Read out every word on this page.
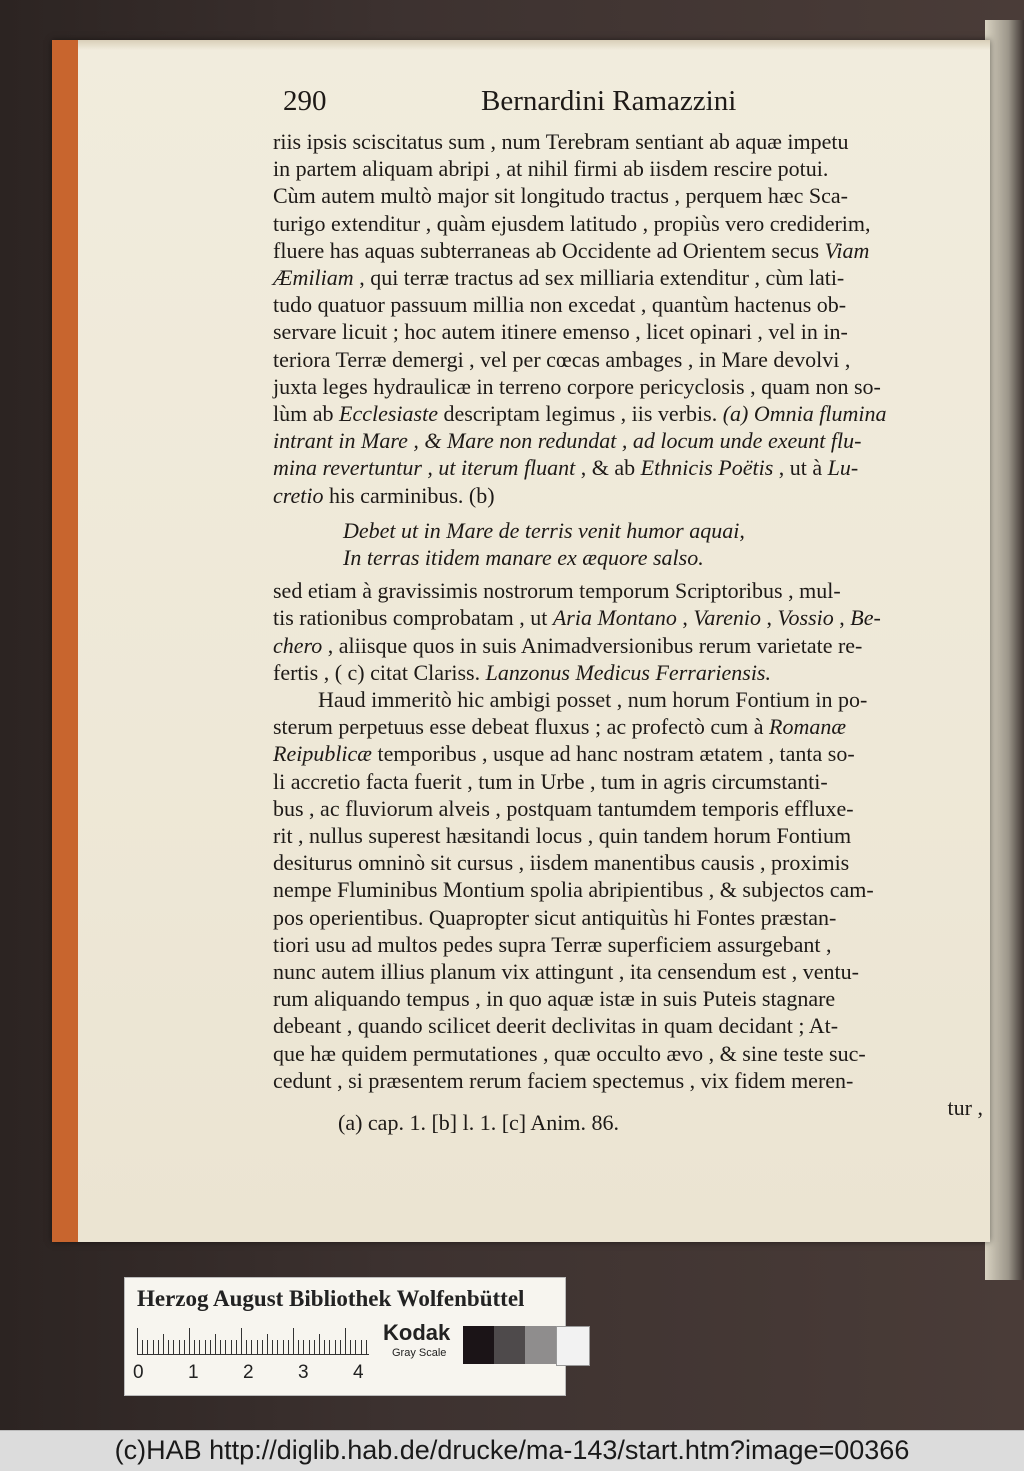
290	Bernardini Ramazzini
riis ipsis sciscitatus sum , num Terebram sentiant ab aquæ impetu
in partem aliquam abripi , at nihil firmi ab iisdem rescire potui.
Cùm autem multò major sit longitudo tractus , perquem hæc Sca-
turigo extenditur , quàm ejusdem latitudo , propiùs vero crediderim,
fluere has aquas subterraneas ab Occidente ad Orientem secus Viam
Æmiliam , qui terræ tractus ad sex milliaria extenditur , cùm lati-
tudo quatuor passuum millia non excedat , quantùm hactenus ob-
servare licuit ; hoc autem itinere emenso , licet opinari , vel in in-
teriora Terræ demergi , vel per cœcas ambages , in Mare devolvi ,
juxta leges hydraulicæ in terreno corpore pericyclosis , quam non so-
lùm ab Ecclesiaste descriptam legimus , iis verbis. (a) Omnia flumina
intrant in Mare , & Mare non redundat , ad locum unde exeunt flu-
mina revertuntur , ut iterum fluant , & ab Ethnicis Poëtis , ut à Lu-
cretio his carminibus. (b)
Debet ut in Mare de terris venit humor aquai,
In terras itidem manare ex æquore salso.
sed etiam à gravissimis nostrorum temporum Scriptoribus , mul-
tis rationibus comprobatam , ut Aria Montano , Varenio , Vossio , Be-
chero , aliisque quos in suis Animadversionibus rerum varietate re-
fertis , ( c) citat Clariss. Lanzonus Medicus Ferrariensis.
Haud immeritò hic ambigi posset , num horum Fontium in po-
sterum perpetuus esse debeat fluxus ; ac profectò cum à Romanæ
Reipublicæ temporibus , usque ad hanc nostram ætatem , tanta so-
li accretio facta fuerit , tum in Urbe , tum in agris circumstanti-
bus , ac fluviorum alveis , postquam tantumdem temporis effluxe-
rit , nullus superest hæsitandi locus , quin tandem horum Fontium
desiturus omninò sit cursus , iisdem manentibus causis , proximis
nempe Fluminibus Montium spolia abripientibus , & subjectos cam-
pos operientibus. Quapropter sicut antiquitùs hi Fontes præstan-
tiori usu ad multos pedes supra Terræ superficiem assurgebant ,
nunc autem illius planum vix attingunt , ita censendum est , ventu-
rum aliquando tempus , in quo aquæ istæ in suis Puteis stagnare
debeant , quando scilicet deerit declivitas in quam decidant ; At-
que hæ quidem permutationes , quæ occulto ævo , & sine teste suc-
cedunt , si præsentem rerum faciem spectemus , vix fidem meren-
tur ,
(a) cap. 1. [b] l. 1. [c] Anim. 86.
Herzog August Bibliothek Wolfenbüttel
0 1 2 3 4
Kodak
Gray Scale
(c)HAB http://diglib.hab.de/drucke/ma-143/start.htm?image=00366
